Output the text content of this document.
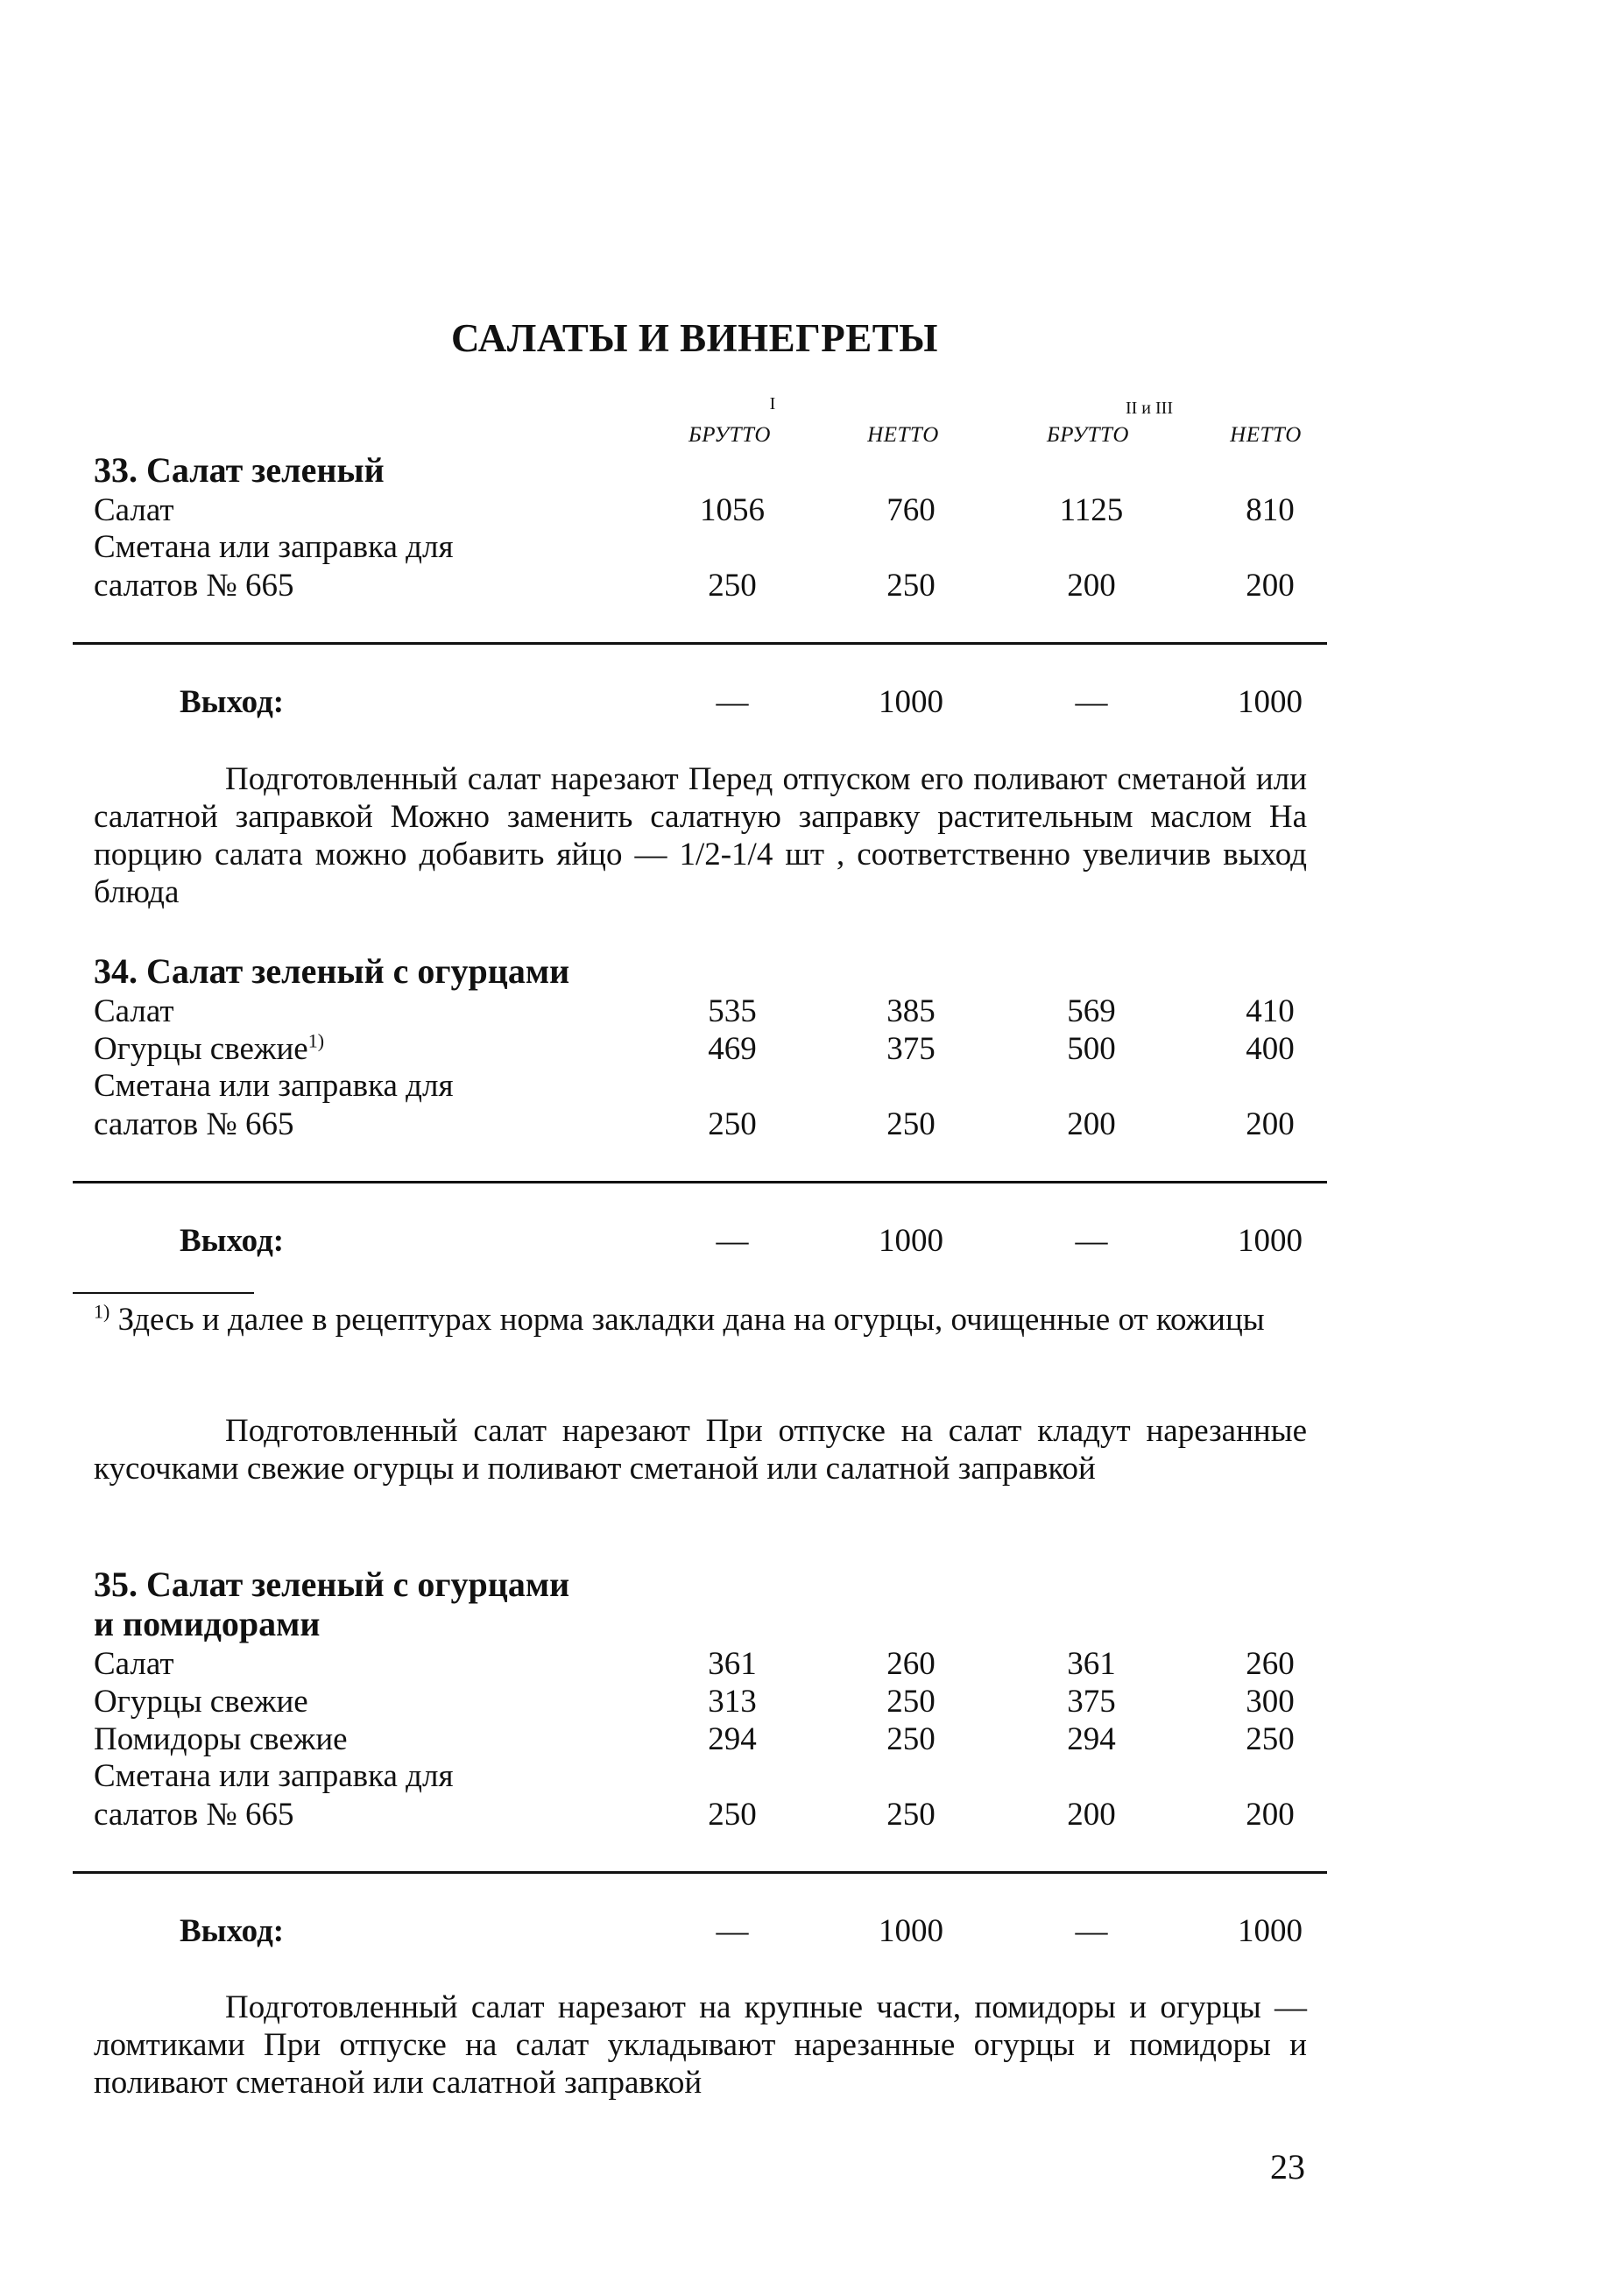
САЛАТЫ И ВИНЕГРЕТЫ
I	II и III
БРУТТО	НЕТТО	БРУТТО	НЕТТО
33. Салат зеленый
Салат	1056	760	1125	810
Сметана или заправка для
салатов № 665	250	250	200	200
Выход:	—	1000	—	1000
Подготовленный салат нарезают Перед отпуском его поливают сметаной или салатной заправкой Можно заменить салатную заправку растительным маслом На порцию салата можно добавить яйцо — 1/2-1/4 шт , соответственно увеличив выход блюда
34. Салат зеленый с огурцами
Салат	535	385	569	410
Огурцы свежие$^{1)}$	469	375	500	400
Сметана или заправка для
салатов № 665	250	250	200	200
Выход:	—	1000	—	1000
$^{1)}$ Здесь и далее в рецептурах норма закладки дана на огурцы, очищенные от кожицы
Подготовленный салат нарезают При отпуске на салат кладут нарезанные кусочками свежие огурцы и поливают сметаной или салатной заправкой
35. Салат зеленый с огурцами
и помидорами
Салат	361	260	361	260
Огурцы свежие	313	250	375	300
Помидоры свежие	294	250	294	250
Сметана или заправка для
салатов № 665	250	250	200	200
Выход:	—	1000	—	1000
Подготовленный салат нарезают на крупные части, помидоры и огурцы — ломтиками При отпуске на салат укладывают нарезанные огурцы и помидоры и поливают сметаной или салатной заправкой
23
